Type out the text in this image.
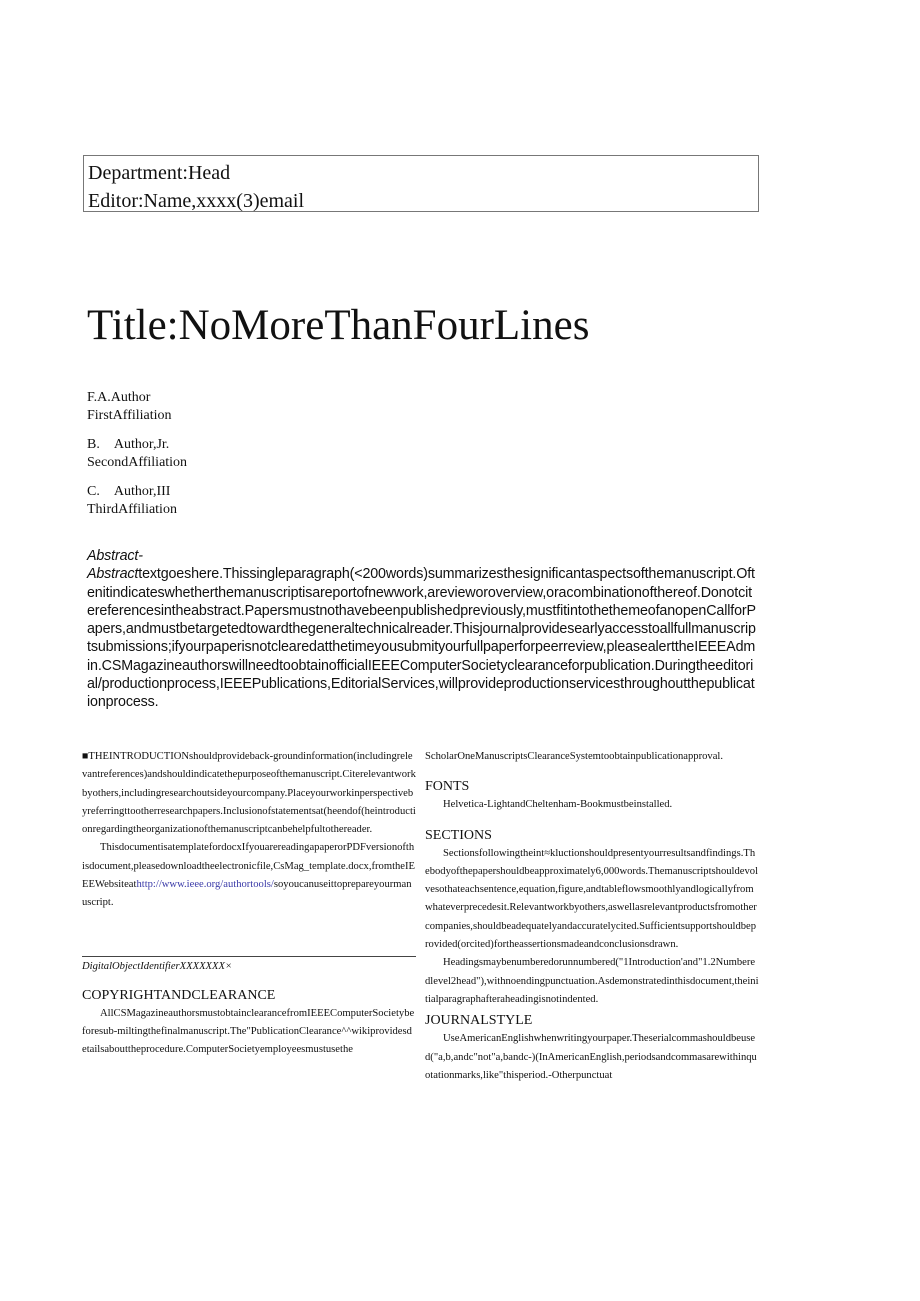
Department:Head
Editor:Name,xxxx(3)email
Title:NoMoreThanFourLines
F.A.Author
FirstAffiliation
B. Author,Jr.
SecondAffiliation
C. Author,III
ThirdAffiliation
Abstract-
Abstracttextgoeshere.Thissingleparagraph(<200words)summarizesthesignificantaspectsofthemanuscript.Oftenitindicateswhetherthemanuscriptisareportofnewwork,arevieworoverview,oracombinationofthereof.Donotcitereferencesintheabstract.Papersmustnothavebeenpublishedpreviously,mustfitintothethemeofanopenCallforPapers,andmustbetargetedtowardthegeneraltechnicalreader.Thisjournalprovidesearlyaccesstoallfullmanuscriptsubmissions;ifyourpaperisnotclearedatthetimeyousubmityourfullpaperforpeerreview,pleasealerttheIEEEAdmin.CSMagazineauthorswillneedtoobtainofficialIEEEComputerSocietyclearanceforpublication.Duringtheeditorial/productionprocess,IEEEPublications,EditorialServices,willprovideproductionservicesthroughoutthepublicationprocess.

■THEINTRODUCTIONshouldprovideback-groundinformation(includingrelevantreferences)andshouldindicatethepurposeofthemanuscript.Citerelevantworkbyothers,includingresearchoutsideyourcompany.Placeyourworkinperspectivebyreferringttootherresearchpapers.Inclusionofstatementsat(heendof(heintroductionregardingtheorganizationofthemanuscriptcanbehelpfultothereader.

ThisdocumentisatemplatefordocxIfyouarereadingapaperorPDFversionofthisdocument,pleasedownloadtheelectronicfile,CsMag_template.docx,fromtheIEEEWebsiteathttp://www.ieee.org/authortools/soyoucanuseittoprepareyourmanuscript.

DigitalObjectIdentifierXXXXXXX×
COPYRIGHTANDCLEARANCE

AllCSMagazineauthorsmustobtainclearancefromIEEEComputerSocietybeforesub-miltingthefinalmanuscript.The"PublicationClearance^^wikiprovidesdetailsabouttheprocedure.ComputerSocietyemployeesmustusethe

ScholarOneManuscriptsClearanceSystemtoobtainpublicationapproval.

FONTS

Helvetica-LightandCheltenham-Bookmustbeinstalled.

SECTIONS

Sectionsfollowingtheint≈kluctionshouldpresentyourresultsandfindings.Thebodyofthepapershouldbeapproximately6,000words.Themanuscriptshouldevolvesothateachsentence,equation,figure,andtableflowsmoothlyandlogicallyfromwhateverprecedesit.Relevantworkbyothers,aswellasrelevantproductsfromothercompanies,shouldbeadequatelyandaccuratelycited.Sufficientsupportshouldbeprovided(orcited)fortheassertionsmadeandconclusionsdrawn.

Headingsmaybenumberedorunnumbered("1Introduction'and"1.2Numberedlevel2head"),withnoendingpunctuation.Asdemonstratedinthisdocument,theinitialparagraphafteraheadingisnotindented.

JOURNALSTYLE

UseAmericanEnglishwhenwritingyourpaper.Theserialcommashouldbeused("a,b,andc"not"a,bandc-)(InAmericanEnglish,periodsandcommasarewithinquotationmarks,like"thisperiod.-Otherpunctuat
